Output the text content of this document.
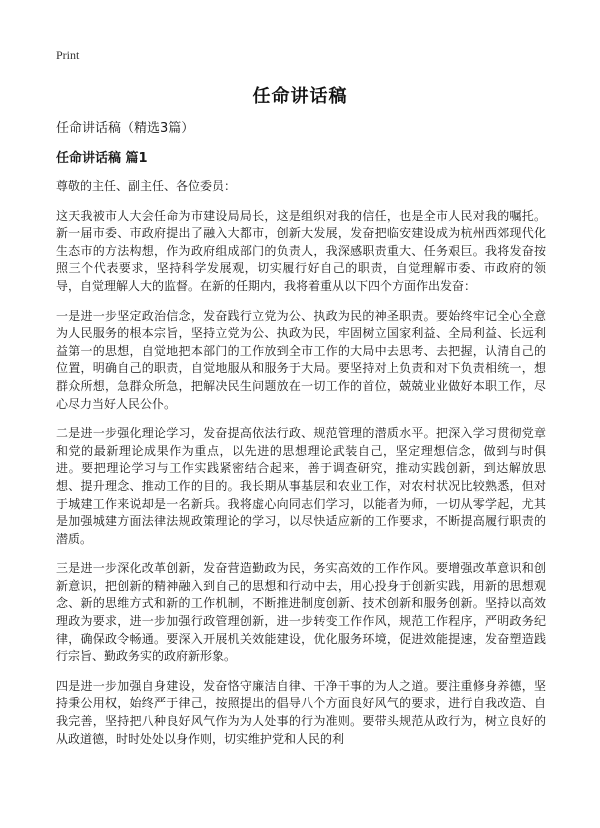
Print
任命讲话稿
任命讲话稿（精选3篇）
任命讲话稿 篇1

尊敬的主任、副主任、各位委员：

这天我被市人大会任命为市建设局局长，这是组织对我的信任，也是全市人民对我的嘱托。新一届市委、市政府提出了融入大都市，创新大发展，发奋把临安建设成为杭州西郊现代化生态市的方法构想，作为政府组成部门的负责人，我深感职责重大、任务艰巨。我将发奋按照三个代表要求，坚持科学发展观，切实履行好自己的职责，自觉理解市委、市政府的领导，自觉理解人大的监督。在新的任期内，我将着重从以下四个方面作出发奋：

一是进一步坚定政治信念，发奋践行立党为公、执政为民的神圣职责。要始终牢记全心全意为人民服务的根本宗旨，坚持立党为公、执政为民，牢固树立国家利益、全局利益、长远利益第一的思想，自觉地把本部门的工作放到全市工作的大局中去思考、去把握，认清自己的位置，明确自己的职责，自觉地服从和服务于大局。要坚持对上负责和对下负责相统一，想群众所想，急群众所急，把解决民生问题放在一切工作的首位，兢兢业业做好本职工作，尽心尽力当好人民公仆。

二是进一步强化理论学习，发奋提高依法行政、规范管理的潜质水平。把深入学习贯彻党章和党的最新理论成果作为重点，以先进的思想理论武装自己，坚定理想信念，做到与时俱进。要把理论学习与工作实践紧密结合起来，善于调查研究，推动实践创新，到达解放思想、提升理念、推动工作的目的。我长期从事基层和农业工作，对农村状况比较熟悉，但对于城建工作来说却是一名新兵。我将虚心向同志们学习，以能者为师，一切从零学起，尤其是加强城建方面法律法规政策理论的学习，以尽快适应新的工作要求，不断提高履行职责的潜质。

三是进一步深化改革创新，发奋营造勤政为民，务实高效的工作作风。要增强改革意识和创新意识，把创新的精神融入到自己的思想和行动中去，用心投身于创新实践，用新的思想观念、新的思维方式和新的工作机制，不断推进制度创新、技术创新和服务创新。坚持以高效理政为要求，进一步加强行政管理创新，进一步转变工作作风，规范工作程序，严明政务纪律，确保政令畅通。要深入开展机关效能建设，优化服务环境，促进效能提速，发奋塑造践行宗旨、勤政务实的政府新形象。

四是进一步加强自身建设，发奋恪守廉洁自律、干净干事的为人之道。要注重修身养德，坚持秉公用权，始终严于律己，按照提出的倡导八个方面良好风气的要求，进行自我改造、自我完善，坚持把八种良好风气作为为人处事的行为准则。要带头规范从政行为，树立良好的从政道德，时时处处以身作则，切实维护党和人民的利
